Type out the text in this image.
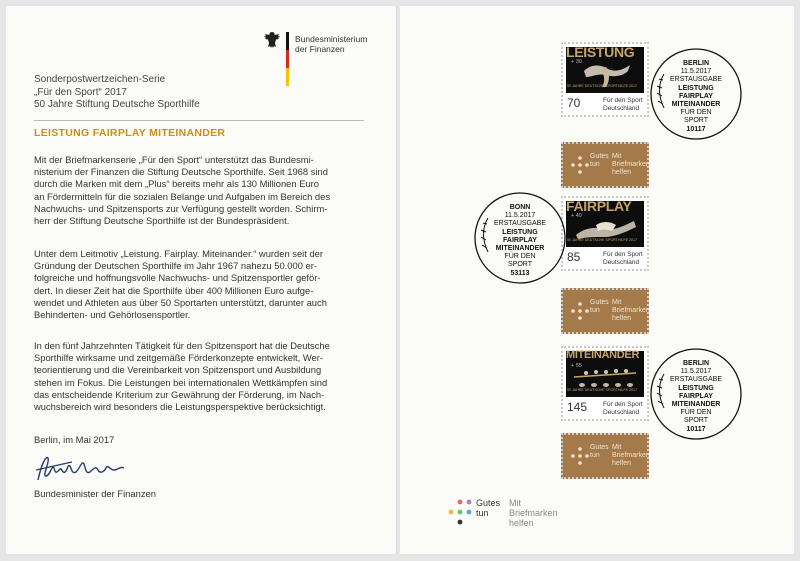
Bundesministerium
der Finanzen
Sonderpostwertzeichen-Serie
„Für den Sport“ 2017
50 Jahre Stiftung Deutsche Sporthilfe
LEISTUNG FAIRPLAY MITEINANDER

Mit der Briefmarkenserie „Für den Sport“ unterstützt das Bundesmi-
nisterium der Finanzen die Stiftung Deutsche Sporthilfe. Seit 1968 sind
durch die Marken mit dem „Plus“ bereits mehr als 130 Millionen Euro
an Fördermitteln für die sozialen Belange und Aufgaben im Bereich des
Nachwuchs- und Spitzensports zur Verfügung gestellt worden. Schirm-
herr der Stiftung Deutsche Sporthilfe ist der Bundespräsident.

Unter dem Leitmotiv „Leistung. Fairplay. Miteinander.“ wurden seit der
Gründung der Deutschen Sporthilfe im Jahr 1967 nahezu 50.000 er-
folgreiche und hoffnungsvolle Nachwuchs- und Spitzensportler geför-
dert. In dieser Zeit hat die Sporthilfe über 400 Millionen Euro aufge-
wendet und Athleten aus über 50 Sportarten unterstützt, darunter auch
Behinderten- und Gehörlosensportler.

In den fünf Jahrzehnten Tätigkeit für den Spitzensport hat die Deutsche
Sporthilfe wirksame und zeitgemäße Förderkonzepte entwickelt, Wer-
teorientierung und die Vereinbarkeit von Spitzensport und Ausbildung
stehen im Fokus. Die Leistungen bei internationalen Wettkämpfen sind
das entscheidende Kriterium zur Gewährung der Förderung, im Nach-
wuchsbereich wird besonders die Leistungsperspektive berücksichtigt.

Berlin, im Mai 2017
Bundesminister der Finanzen
LEISTUNG
+ 30
50 JAHRE DEUTSCHE SPORTHILFE 2017
70	Für den Sport
Deutschland
Gutes
tun
Mit
Briefmarken
helfen
FAIRPLAY
+ 40
50 JAHRE DEUTSCHE SPORTHILFE 2017
85	Für den Sport
Deutschland
Gutes
tun
Mit
Briefmarken
helfen
MITEINANDER
+ 55
50 JAHRE DEUTSCHE SPORTHILFE 2017
145 Für den Sport
Deutschland
Gutes
tun
Mit
Briefmarken
helfen
BERLIN
11.5.2017
ERSTAUSGABE
LEISTUNG
FAIRPLAY
MITEINANDER
FÜR DEN
SPORT
10117
BONN
11.5.2017
ERSTAUSGABE
LEISTUNG
FAIRPLAY
MITEINANDER
FÜR DEN
SPORT
53113
BERLIN
11.5.2017
ERSTAUSGABE
LEISTUNG
FAIRPLAY
MITEINANDER
FÜR DEN
SPORT
10117
Gutes
tun
Mit
Briefmarken
helfen
